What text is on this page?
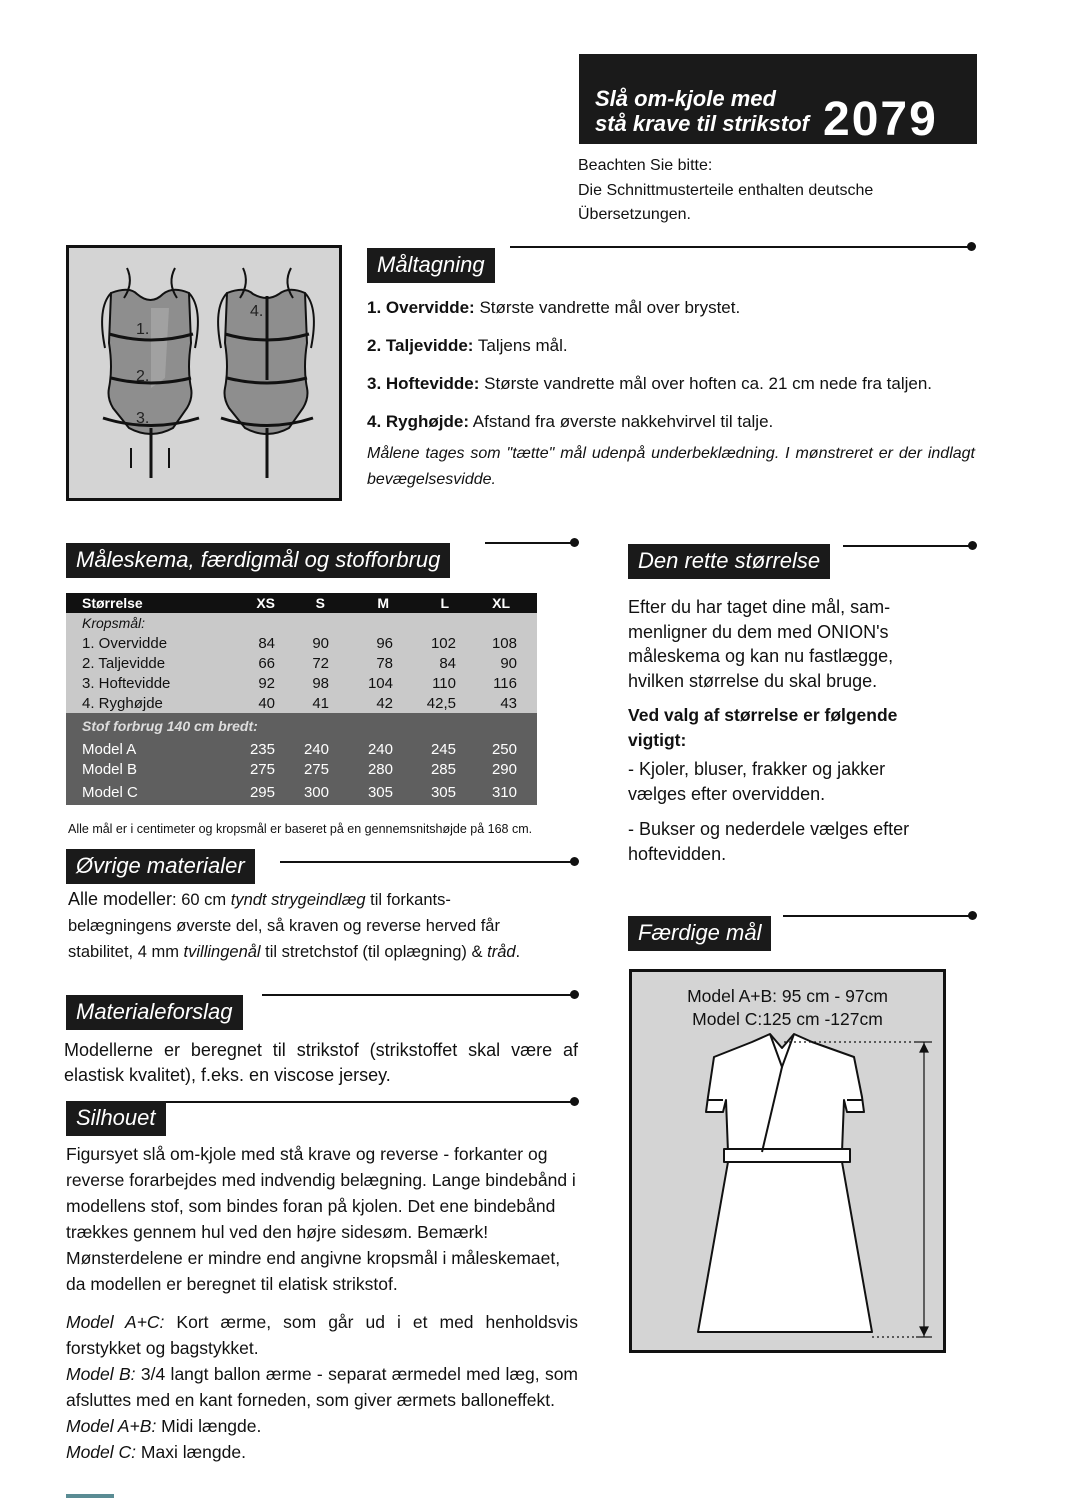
Slå om-kjole med
stå krave til strikstof 2079
Beachten Sie bitte:
Die Schnittmusterteile enthalten deutsche
Übersetzungen.
1.
2.
3.
4.
Måltagning
1. Overvidde: Største vandrette mål over brystet.
2. Taljevidde: Taljens mål.
3. Hoftevidde: Største vandrette mål over hoften ca. 21 cm nede fra taljen.
4. Ryghøjde: Afstand fra øverste nakkehvirvel til talje.
Målene tages som "tætte" mål udenpå underbeklædning. I mønstreret er der indlagt bevægelsesvidde.
Måleskema, færdigmål og stofforbrug
Størrelse	XS	S	M	L	XL
Kropsmål:					
1. Overvidde	84	90	96	102	108
2. Taljevidde	66	72	78	84	90
3. Hoftevidde	92	98	104	110	116
4. Ryghøjde	40	41	42	42,5	43
Stof forbrug 140 cm bredt:					
Model A	235	240	240	245	250
Model B	275	275	280	285	290
Model C	295	300	305	305	310
Alle mål er i centimeter og kropsmål er baseret på en gennemsnitshøjde på 168 cm.
Øvrige materialer
Alle modeller: 60 cm tyndt strygeindlæg til forkants-belægningens øverste del, så kraven og reverse herved får stabilitet, 4 mm tvillingenål til stretchstof (til oplægning) & tråd.
Materialeforslag
Modellerne er beregnet til strikstof (strikstoffet skal være af elastisk kvalitet), f.eks. en viscose jersey.
Silhouet
Figursyet slå om-kjole med stå krave og reverse - forkanter og reverse forarbejdes med indvendig belægning. Lange bindebånd i modellens stof, som bindes foran på kjolen. Det ene bindebånd trækkes gennem hul ved den højre sidesøm. Bemærk! Mønsterdelene er mindre end angivne kropsmål i måleskemaet, da modellen er beregnet til elatisk strikstof.
Model A+C: Kort ærme, som går ud i et med henholdsvis forstykket og bagstykket.
Model B: 3/4 langt ballon ærme - separat ærmedel med læg, som afsluttes med en kant forneden, som giver ærmets balloneffekt.
Model A+B: Midi længde.
Model C: Maxi længde.
Den rette størrelse
Efter du har taget dine mål, sam-menligner du dem med ONION's måleskema og kan nu fastlægge, hvilken størrelse du skal bruge.
Ved valg af størrelse er følgende vigtigt:
- Kjoler, bluser, frakker og jakker vælges efter overvidden.
- Bukser og nederdele vælges efter hoftevidden.
Færdige mål
Model A+B: 95 cm - 97cm
Model C:125 cm -127cm
